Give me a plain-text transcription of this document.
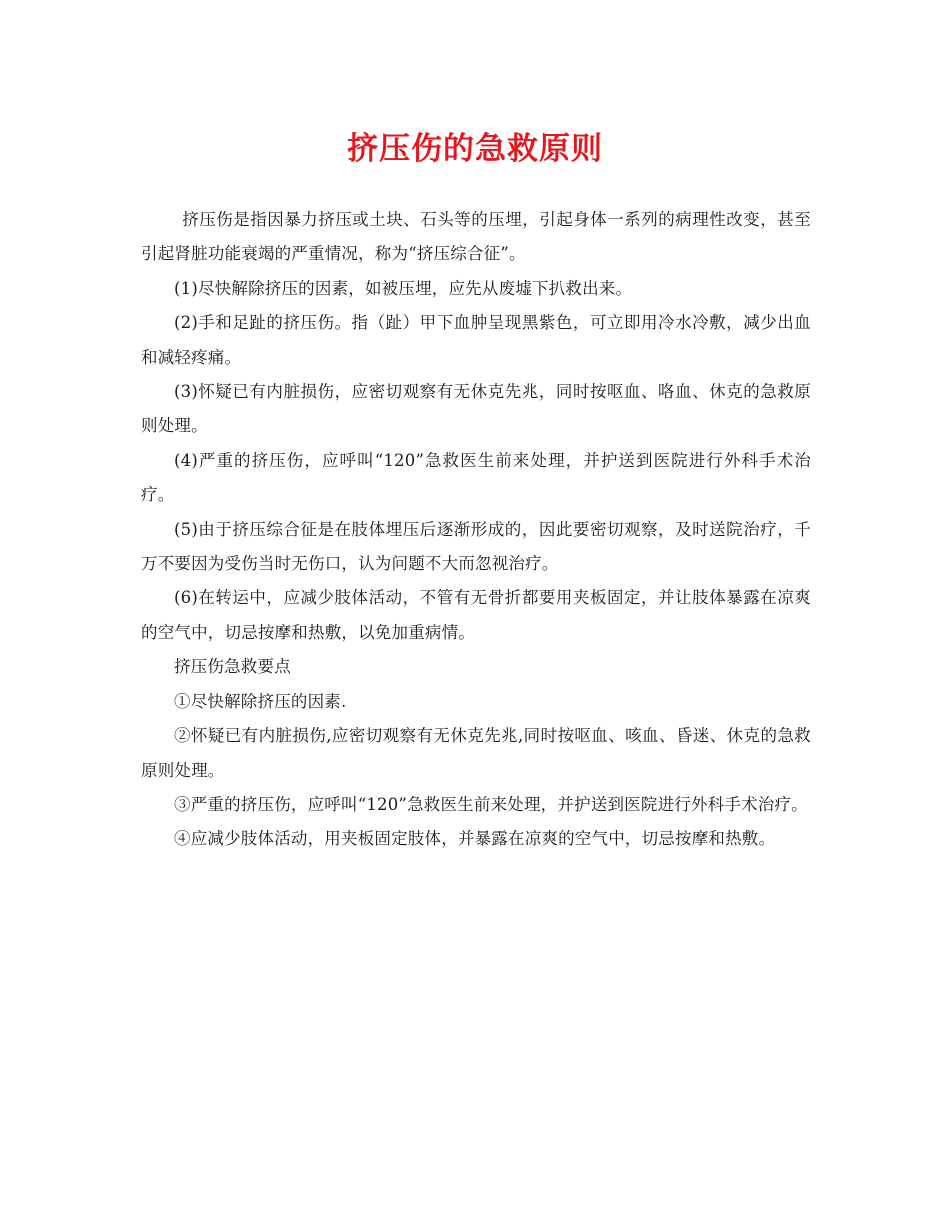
挤压伤的急救原则

挤压伤是指因暴力挤压或土块、石头等的压埋，引起身体一系列的病理性改变，甚至引起肾脏功能衰竭的严重情况，称为“挤压综合征”。

(1)尽快解除挤压的因素，如被压埋，应先从废墟下扒救出来。

(2)手和足趾的挤压伤。指（趾）甲下血肿呈现黑紫色，可立即用冷水冷敷，减少出血和减轻疼痛。

(3)怀疑已有内脏损伤，应密切观察有无休克先兆，同时按呕血、咯血、休克的急救原则处理。

(4)严重的挤压伤，应呼叫“120”急救医生前来处理，并护送到医院进行外科手术治疗。

(5)由于挤压综合征是在肢体埋压后逐渐形成的，因此要密切观察，及时送院治疗，千万不要因为受伤当时无伤口，认为问题不大而忽视治疗。

(6)在转运中，应减少肢体活动，不管有无骨折都要用夹板固定，并让肢体暴露在凉爽的空气中，切忌按摩和热敷，以免加重病情。

挤压伤急救要点

①尽快解除挤压的因素.

②怀疑已有内脏损伤,应密切观察有无休克先兆,同时按呕血、咳血、昏迷、休克的急救原则处理。

③严重的挤压伤，应呼叫“120”急救医生前来处理，并护送到医院进行外科手术治疗。

④应减少肢体活动，用夹板固定肢体，并暴露在凉爽的空气中，切忌按摩和热敷。
